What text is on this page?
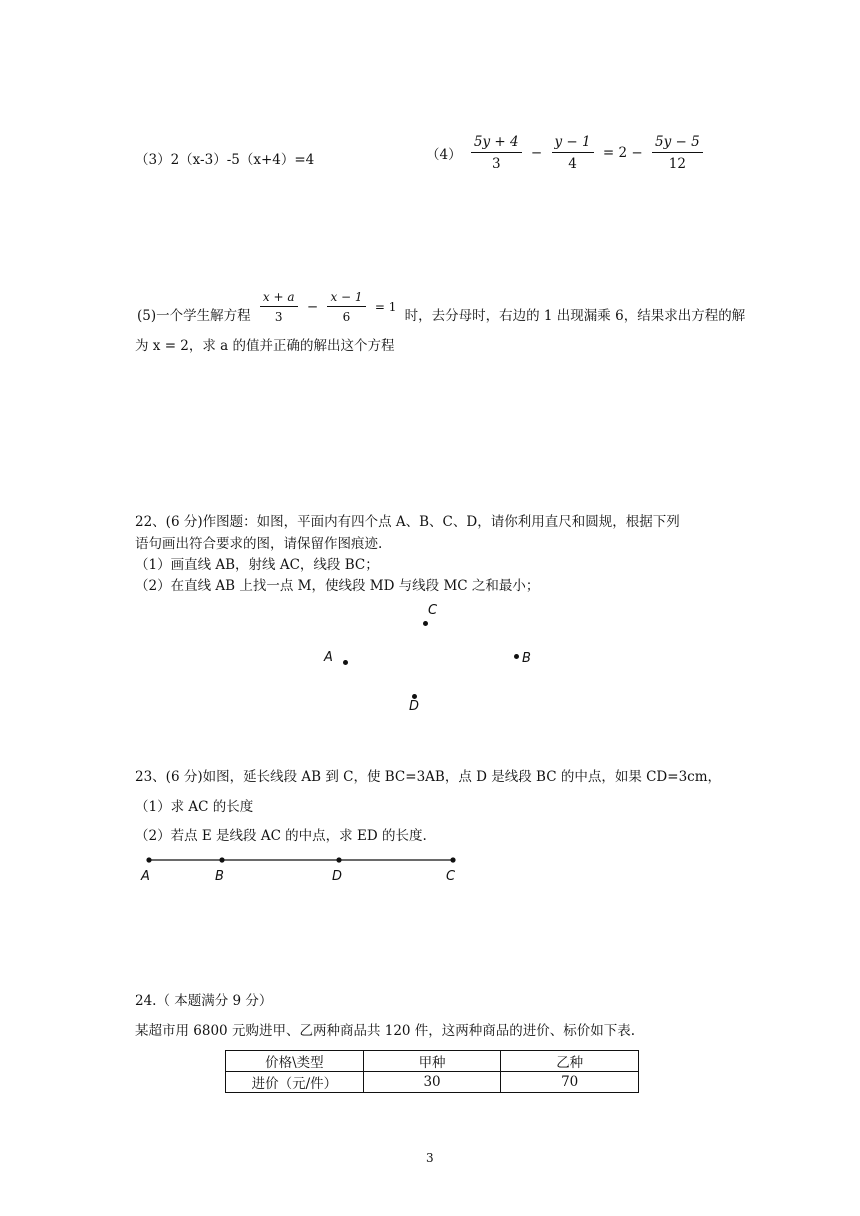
（3）2（x-3）-5（x+4）=4	$(4) \frac{5y + 4}{3} - \frac{y - 1}{4} = 2 - \frac{5y - 5}{12}$
(5)一个学生解方程 $\frac{x + a}{3} - \frac{x - 1}{6} = 1$ 时，去分母时，右边的 1 出现漏乘 6，结果求出方程的解
为 x = 2，求 a 的值并正确的解出这个方程
22、(6 分)作图题：如图，平面内有四个点 A、B、C、D，请你利用直尺和圆规，根据下列
语句画出符合要求的图，请保留作图痕迹.
（1）画直线 AB，射线 AC，线段 BC；
（2）在直线 AB 上找一点 M，使线段 MD 与线段 MC 之和最小；
C
A	B
D
23、(6 分)如图，延长线段 AB 到 C，使 BC=3AB，点 D 是线段 BC 的中点，如果 CD=3cm，
（1）求 AC 的长度
（2）若点 E 是线段 AC 的中点，求 ED 的长度.
A	B	D	C
24.（ 本题满分 9 分）
某超市用 6800 元购进甲、乙两种商品共 120 件，这两种商品的进价、标价如下表.
价格\类型	甲种	乙种
进价（元/件）	30	70
3
